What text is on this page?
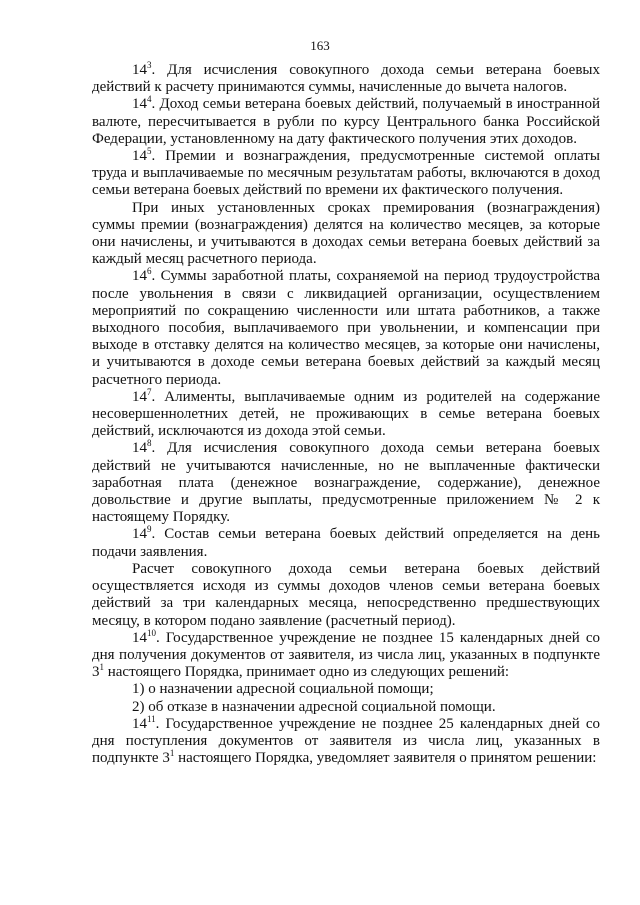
163

$14^3$. Для исчисления совокупного дохода семьи ветерана боевых действий к расчету принимаются суммы, начисленные до вычета налогов.

$14^4$. Доход семьи ветерана боевых действий, получаемый в иностранной валюте, пересчитывается в рубли по курсу Центрального банка Российской Федерации, установленному на дату фактического получения этих доходов.

$14^5$. Премии и вознаграждения, предусмотренные системой оплаты труда и выплачиваемые по месячным результатам работы, включаются в доход семьи ветерана боевых действий по времени их фактического получения.

При иных установленных сроках премирования (вознаграждения) суммы премии (вознаграждения) делятся на количество месяцев, за которые они начислены, и учитываются в доходах семьи ветерана боевых действий за каждый месяц расчетного периода.

$14^6$. Суммы заработной платы, сохраняемой на период трудоустройства после увольнения в связи с ликвидацией организации, осуществлением мероприятий по сокращению численности или штата работников, а также выходного пособия, выплачиваемого при увольнении, и компенсации при выходе в отставку делятся на количество месяцев, за которые они начислены, и учитываются в доходе семьи ветерана боевых действий за каждый месяц расчетного периода.

$14^7$. Алименты, выплачиваемые одним из родителей на содержание несовершеннолетних детей, не проживающих в семье ветерана боевых действий, исключаются из дохода этой семьи.

$14^8$. Для исчисления совокупного дохода семьи ветерана боевых действий не учитываются начисленные, но не выплаченные фактически заработная плата (денежное вознаграждение, содержание), денежное довольствие и другие выплаты, предусмотренные приложением № 2 к настоящему Порядку.

$14^9$. Состав семьи ветерана боевых действий определяется на день подачи заявления.

Расчет совокупного дохода семьи ветерана боевых действий осуществляется исходя из суммы доходов членов семьи ветерана боевых действий за три календарных месяца, непосредственно предшествующих месяцу, в котором подано заявление (расчетный период).

$14^{10}$. Государственное учреждение не позднее 15 календарных дней со дня получения документов от заявителя, из числа лиц, указанных в подпункте $3^1$ настоящего Порядка, принимает одно из следующих решений:

1) о назначении адресной социальной помощи;

2) об отказе в назначении адресной социальной помощи.

$14^{11}$. Государственное учреждение не позднее 25 календарных дней со дня поступления документов от заявителя из числа лиц, указанных в подпункте $3^1$ настоящего Порядка, уведомляет заявителя о принятом решении:
